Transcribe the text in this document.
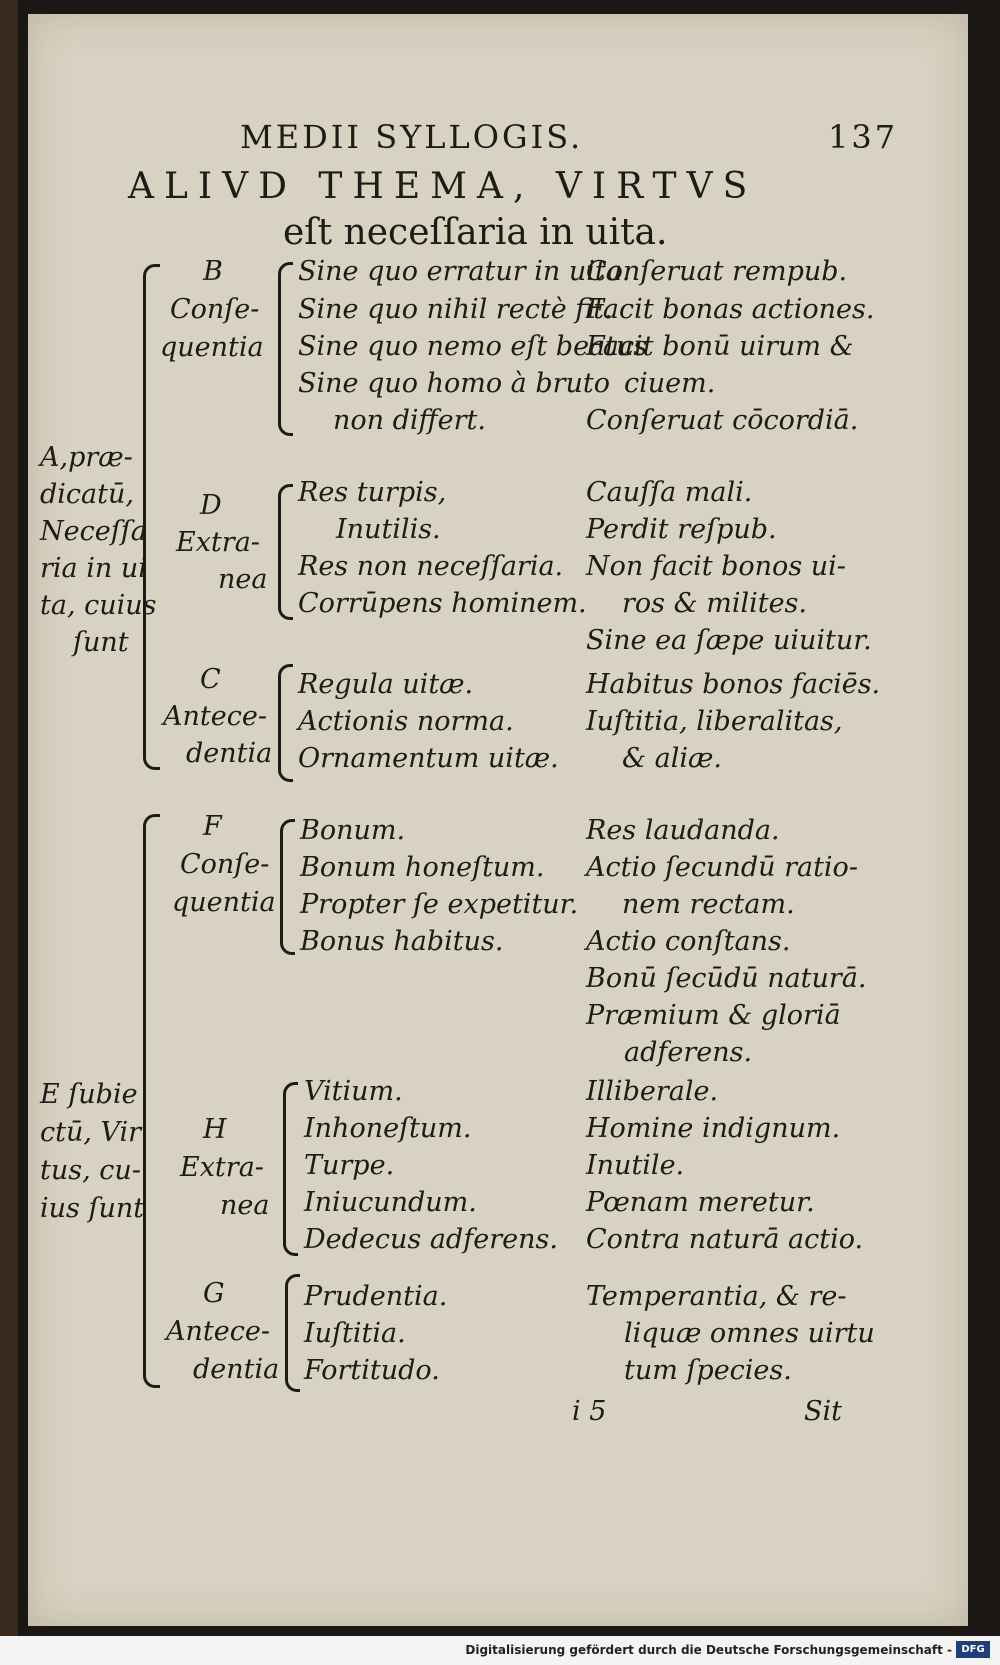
MEDII SYLLOGIS.	137
ALIVD THEMA, VIRTVS
eſt neceſſaria in uita.
A,præ-
dicatū,
Neceſſa
ria in ui
ta, cuius
ſunt
B
Conſe-
quentia
Sine quo erratur in uita.
Sine quo nihil rectè fit.
Sine quo nemo eſt beatus
Sine quo homo à bruto
non differt.
D
Extra-
nea
Res turpis,
Inutilis.
Res non neceſſaria.
Corrūpens hominem.
C
Antece-
dentia
Regula uitæ.
Actionis norma.
Ornamentum uitæ.
Conſeruat rempub.
Facit bonas actiones.
Facit bonū uirum &
ciuem.
Conſeruat cōcordiā.
Cauſſa mali.
Perdit reſpub.
Non facit bonos ui-
ros & milites.
Sine ea ſæpe uiuitur.
Habitus bonos faciēs.
Iuſtitia, liberalitas,
& aliæ.
E ſubie
ctū, Vir
tus, cu-
ius ſunt
F
Conſe-
quentia
Bonum.
Bonum honeſtum.
Propter ſe expetitur.
Bonus habitus.
H
Extra-
nea
Vitium.
Inhoneſtum.
Turpe.
Iniucundum.
Dedecus adferens.
G
Antece-
dentia
Prudentia.
Iuſtitia.
Fortitudo.
Res laudanda.
Actio ſecundū ratio-
nem rectam.
Actio conſtans.
Bonū ſecūdū naturā.
Præmium & gloriā
adferens.
Illiberale.
Homine indignum.
Inutile.
Pœnam meretur.
Contra naturā actio.
Temperantia, & re-
liquæ omnes uirtu
tum ſpecies.
i 5	Sit
Digitalisierung gefördert durch die Deutsche Forschungsgemeinschaft - DFG
